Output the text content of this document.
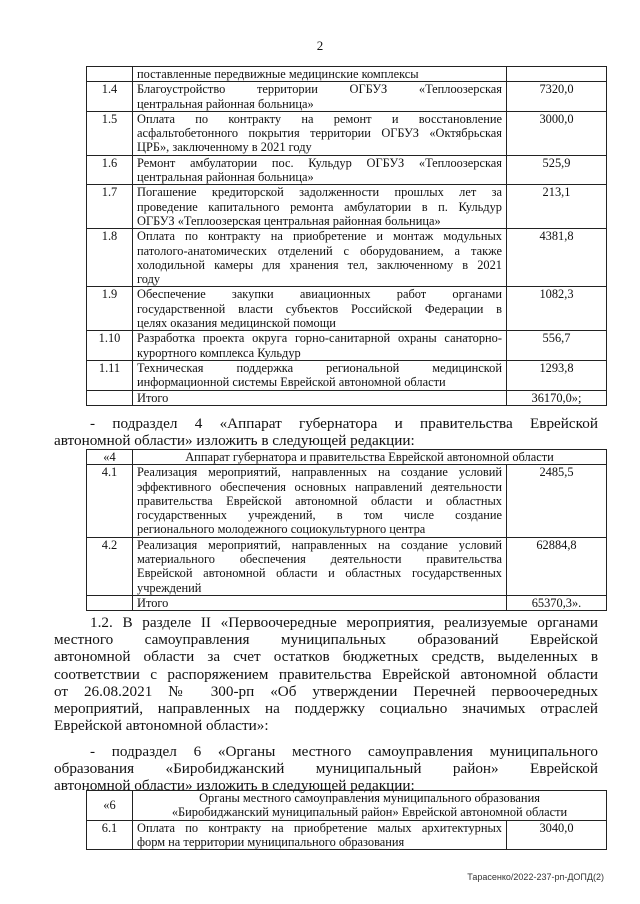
2

	поставленные передвижные медицинские комплексы	

1.4	Благоустройство территории ОГБУЗ «Теплоозерская
центральная районная больница»	7320,0
1.5	Оплата по контракту на ремонт и восстановление
асфальтобетонного покрытия территории ОГБУЗ «Октябрьская
ЦРБ», заключенному в 2021 году	3000,0
1.6	Ремонт амбулатории пос. Кульдур ОГБУЗ «Теплоозерская
центральная районная больница»	525,9
1.7	Погашение кредиторской задолженности прошлых лет за
проведение капитального ремонта амбулатории в п. Кульдур
ОГБУЗ «Теплоозерская центральная районная больница»	213,1
1.8	Оплата по контракту на приобретение и монтаж модульных
патолого-анатомических отделений с оборудованием, а также
холодильной камеры для хранения тел, заключенному в 2021
году	4381,8
1.9	Обеспечение закупки авиационных работ органами
государственной власти субъектов Российской Федерации в
целях оказания медицинской помощи	1082,3
1.10	Разработка проекта округа горно-санитарной охраны санаторно-
курортного комплекса Кульдур	556,7
1.11	Техническая поддержка региональной медицинской
информационной системы Еврейской автономной области	1293,8

	Итого	36170,0»;
- подраздел 4 «Аппарат губернатора и правительства Еврейской
автономной области» изложить в следующей редакции:
«4	Аппарат губернатора и правительства Еврейской автономной области	
4.1	Реализация мероприятий, направленных на создание условий
эффективного обеспечения основных направлений деятельности
правительства Еврейской автономной области и областных
государственных учреждений, в том числе создание
регионального молодежного социокультурного центра	2485,5
4.2	Реализация мероприятий, направленных на создание условий
материального обеспечения деятельности правительства
Еврейской автономной области и областных государственных
учреждений	62884,8

	Итого	65370,3».
1.2. В разделе II «Первоочередные мероприятия, реализуемые органами
местного самоуправления муниципальных образований Еврейской
автономной области за счет остатков бюджетных средств, выделенных в
соответствии с распоряжением правительства Еврейской автономной области
от 26.08.2021 № 300-рп «Об утверждении Перечней первоочередных
мероприятий, направленных на поддержку социально значимых отраслей
Еврейской автономной области»:
- подраздел 6 «Органы местного самоуправления муниципального
образования «Биробиджанский муниципальный район» Еврейской
автономной области» изложить в следующей редакции:
«6	Органы местного самоуправления муниципального образования
«Биробиджанский муниципальный район» Еврейской автономной области	

6.1	Оплата по контракту на приобретение малых архитектурных
форм на территории муниципального образования	3040,0
Тарасенко/2022-237-рп-ДОПД(2)
